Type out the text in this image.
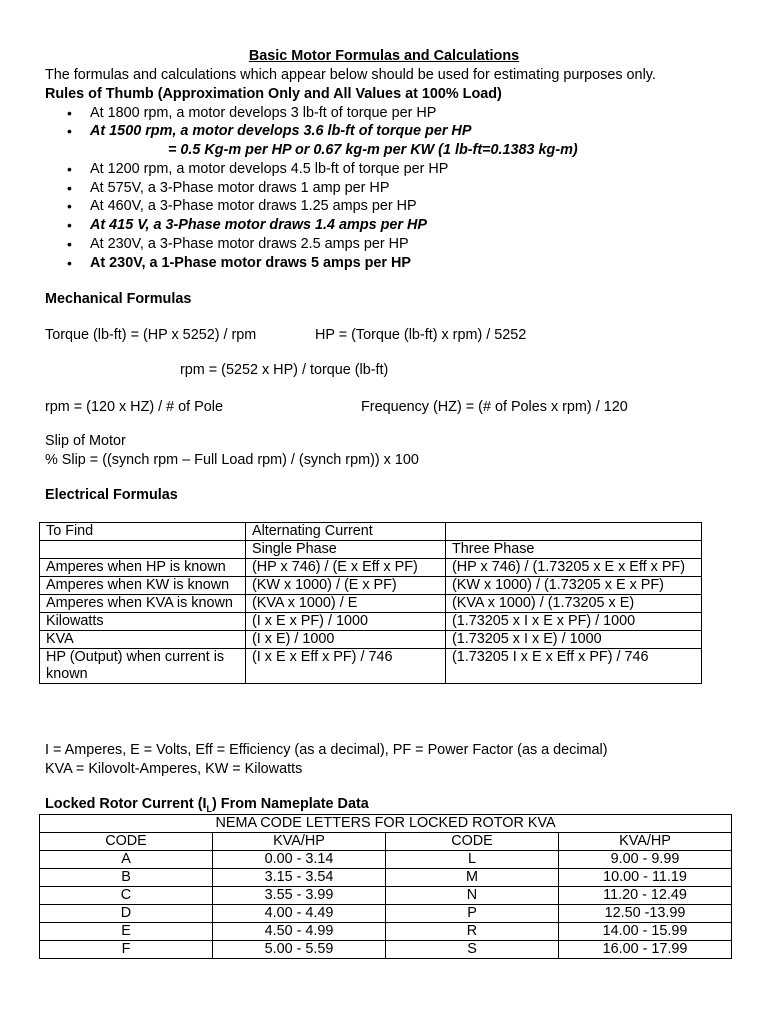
Basic Motor Formulas and Calculations
The formulas and calculations which appear below should be used for estimating purposes only.
Rules of Thumb (Approximation Only and All Values at 100% Load)
• At 1800 rpm, a motor develops 3 lb-ft of torque per HP
• At 1500 rpm, a motor develops 3.6 lb-ft of torque per HP
= 0.5 Kg-m per HP or 0.67 kg-m per KW (1 lb-ft=0.1383 kg-m)
• At 1200 rpm, a motor develops 4.5 lb-ft of torque per HP
• At 575V, a 3-Phase motor draws 1 amp per HP
• At 460V, a 3-Phase motor draws 1.25 amps per HP
• At 415 V, a 3-Phase motor draws 1.4 amps per HP
• At 230V, a 3-Phase motor draws 2.5 amps per HP
• At 230V, a 1-Phase motor draws 5 amps per HP
Mechanical Formulas
Torque (lb-ft) = (HP x 5252) / rpm	HP = (Torque (lb-ft) x rpm) / 5252
rpm = (5252 x HP) / torque (lb-ft)
rpm = (120 x HZ) / # of Pole	Frequency (HZ) = (# of Poles x rpm) / 120
Slip of Motor
% Slip = ((synch rpm – Full Load rpm) / (synch rpm)) x 100
Electrical Formulas
To Find	Alternating Current	
	Single Phase	Three Phase
Amperes when HP is known	(HP x 746) / (E x Eff x PF)	(HP x 746) / (1.73205 x E x Eff x PF)
Amperes when KW is known	(KW x 1000) / (E x PF)	(KW x 1000) / (1.73205 x E x PF)
Amperes when KVA is known	(KVA x 1000) / E	(KVA x 1000) / (1.73205 x E)
Kilowatts	(I x E x PF) / 1000	(1.73205 x I x E x PF) / 1000
KVA	(I x E) / 1000	(1.73205 x I x E) / 1000
HP (Output) when current is known	(I x E x Eff x PF) / 746	(1.73205 I x E x Eff x PF) / 746
I = Amperes, E = Volts, Eff = Efficiency (as a decimal), PF = Power Factor (as a decimal)
KVA = Kilovolt-Amperes, KW = Kilowatts
Locked Rotor Current $(I_L)$ From Nameplate Data
NEMA CODE LETTERS FOR LOCKED ROTOR KVA			
CODE	KVA/HP	CODE	KVA/HP
A	0.00 - 3.14	L	9.00 - 9.99
B	3.15 - 3.54	M	10.00 - 11.19
C	3.55 - 3.99	N	11.20 - 12.49
D	4.00 - 4.49	P	12.50 -13.99
E	4.50 - 4.99	R	14.00 - 15.99
F	5.00 - 5.59	S	16.00 - 17.99
